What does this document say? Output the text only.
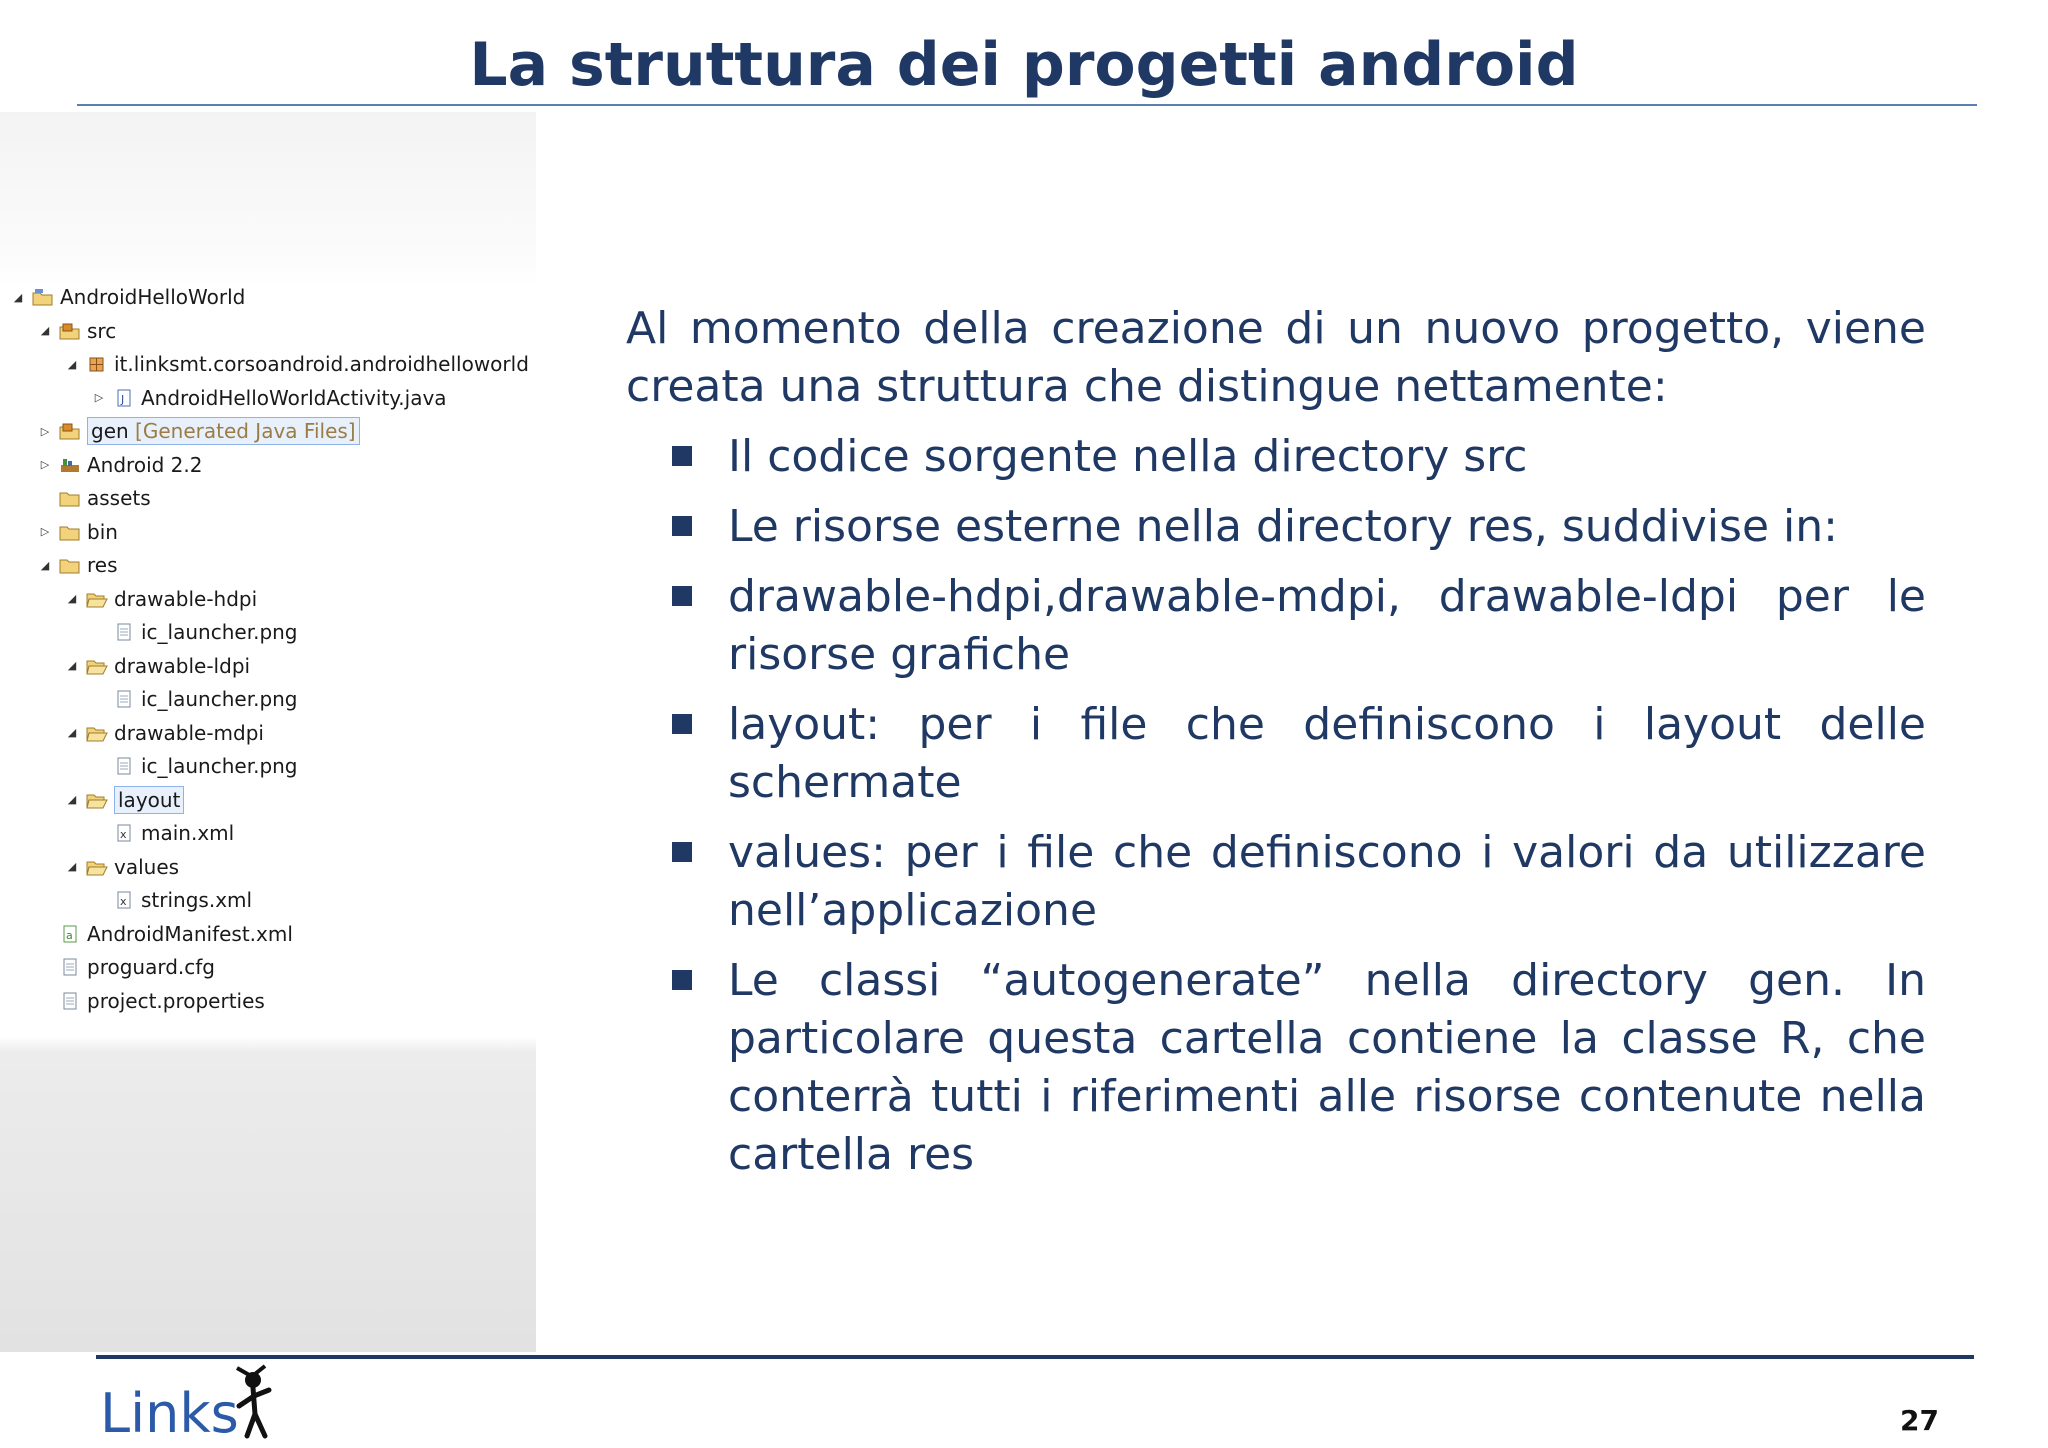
La struttura dei progetti android
◢ AndroidHelloWorld
◢ src
◢ it.linksmt.corsoandroid.androidhelloworld
▷ J AndroidHelloWorldActivity.java
▷ gen [Generated Java Files]
▷ Android 2.2
assets
▷ bin
◢ res
◢ drawable-hdpi
ic_launcher.png
◢ drawable-ldpi
ic_launcher.png
◢ drawable-mdpi
ic_launcher.png
◢ layout
x main.xml
◢ values
x strings.xml
a AndroidManifest.xml
proguard.cfg
project.properties
Al momento della creazione di un nuovo progetto, viene creata una struttura che distingue nettamente:
Il codice sorgente nella directory src
Le risorse esterne nella directory res, suddivise in:
drawable-hdpi,drawable-mdpi, drawable-ldpi per le risorse grafiche
layout: per i file che definiscono i layout delle schermate
values: per i file che definiscono i valori da utilizzare nell’applicazione
Le classi “autogenerate” nella directory gen. In particolare questa cartella contiene la classe R, che conterrà tutti i riferimenti alle risorse contenute nella cartella res
Links	27
